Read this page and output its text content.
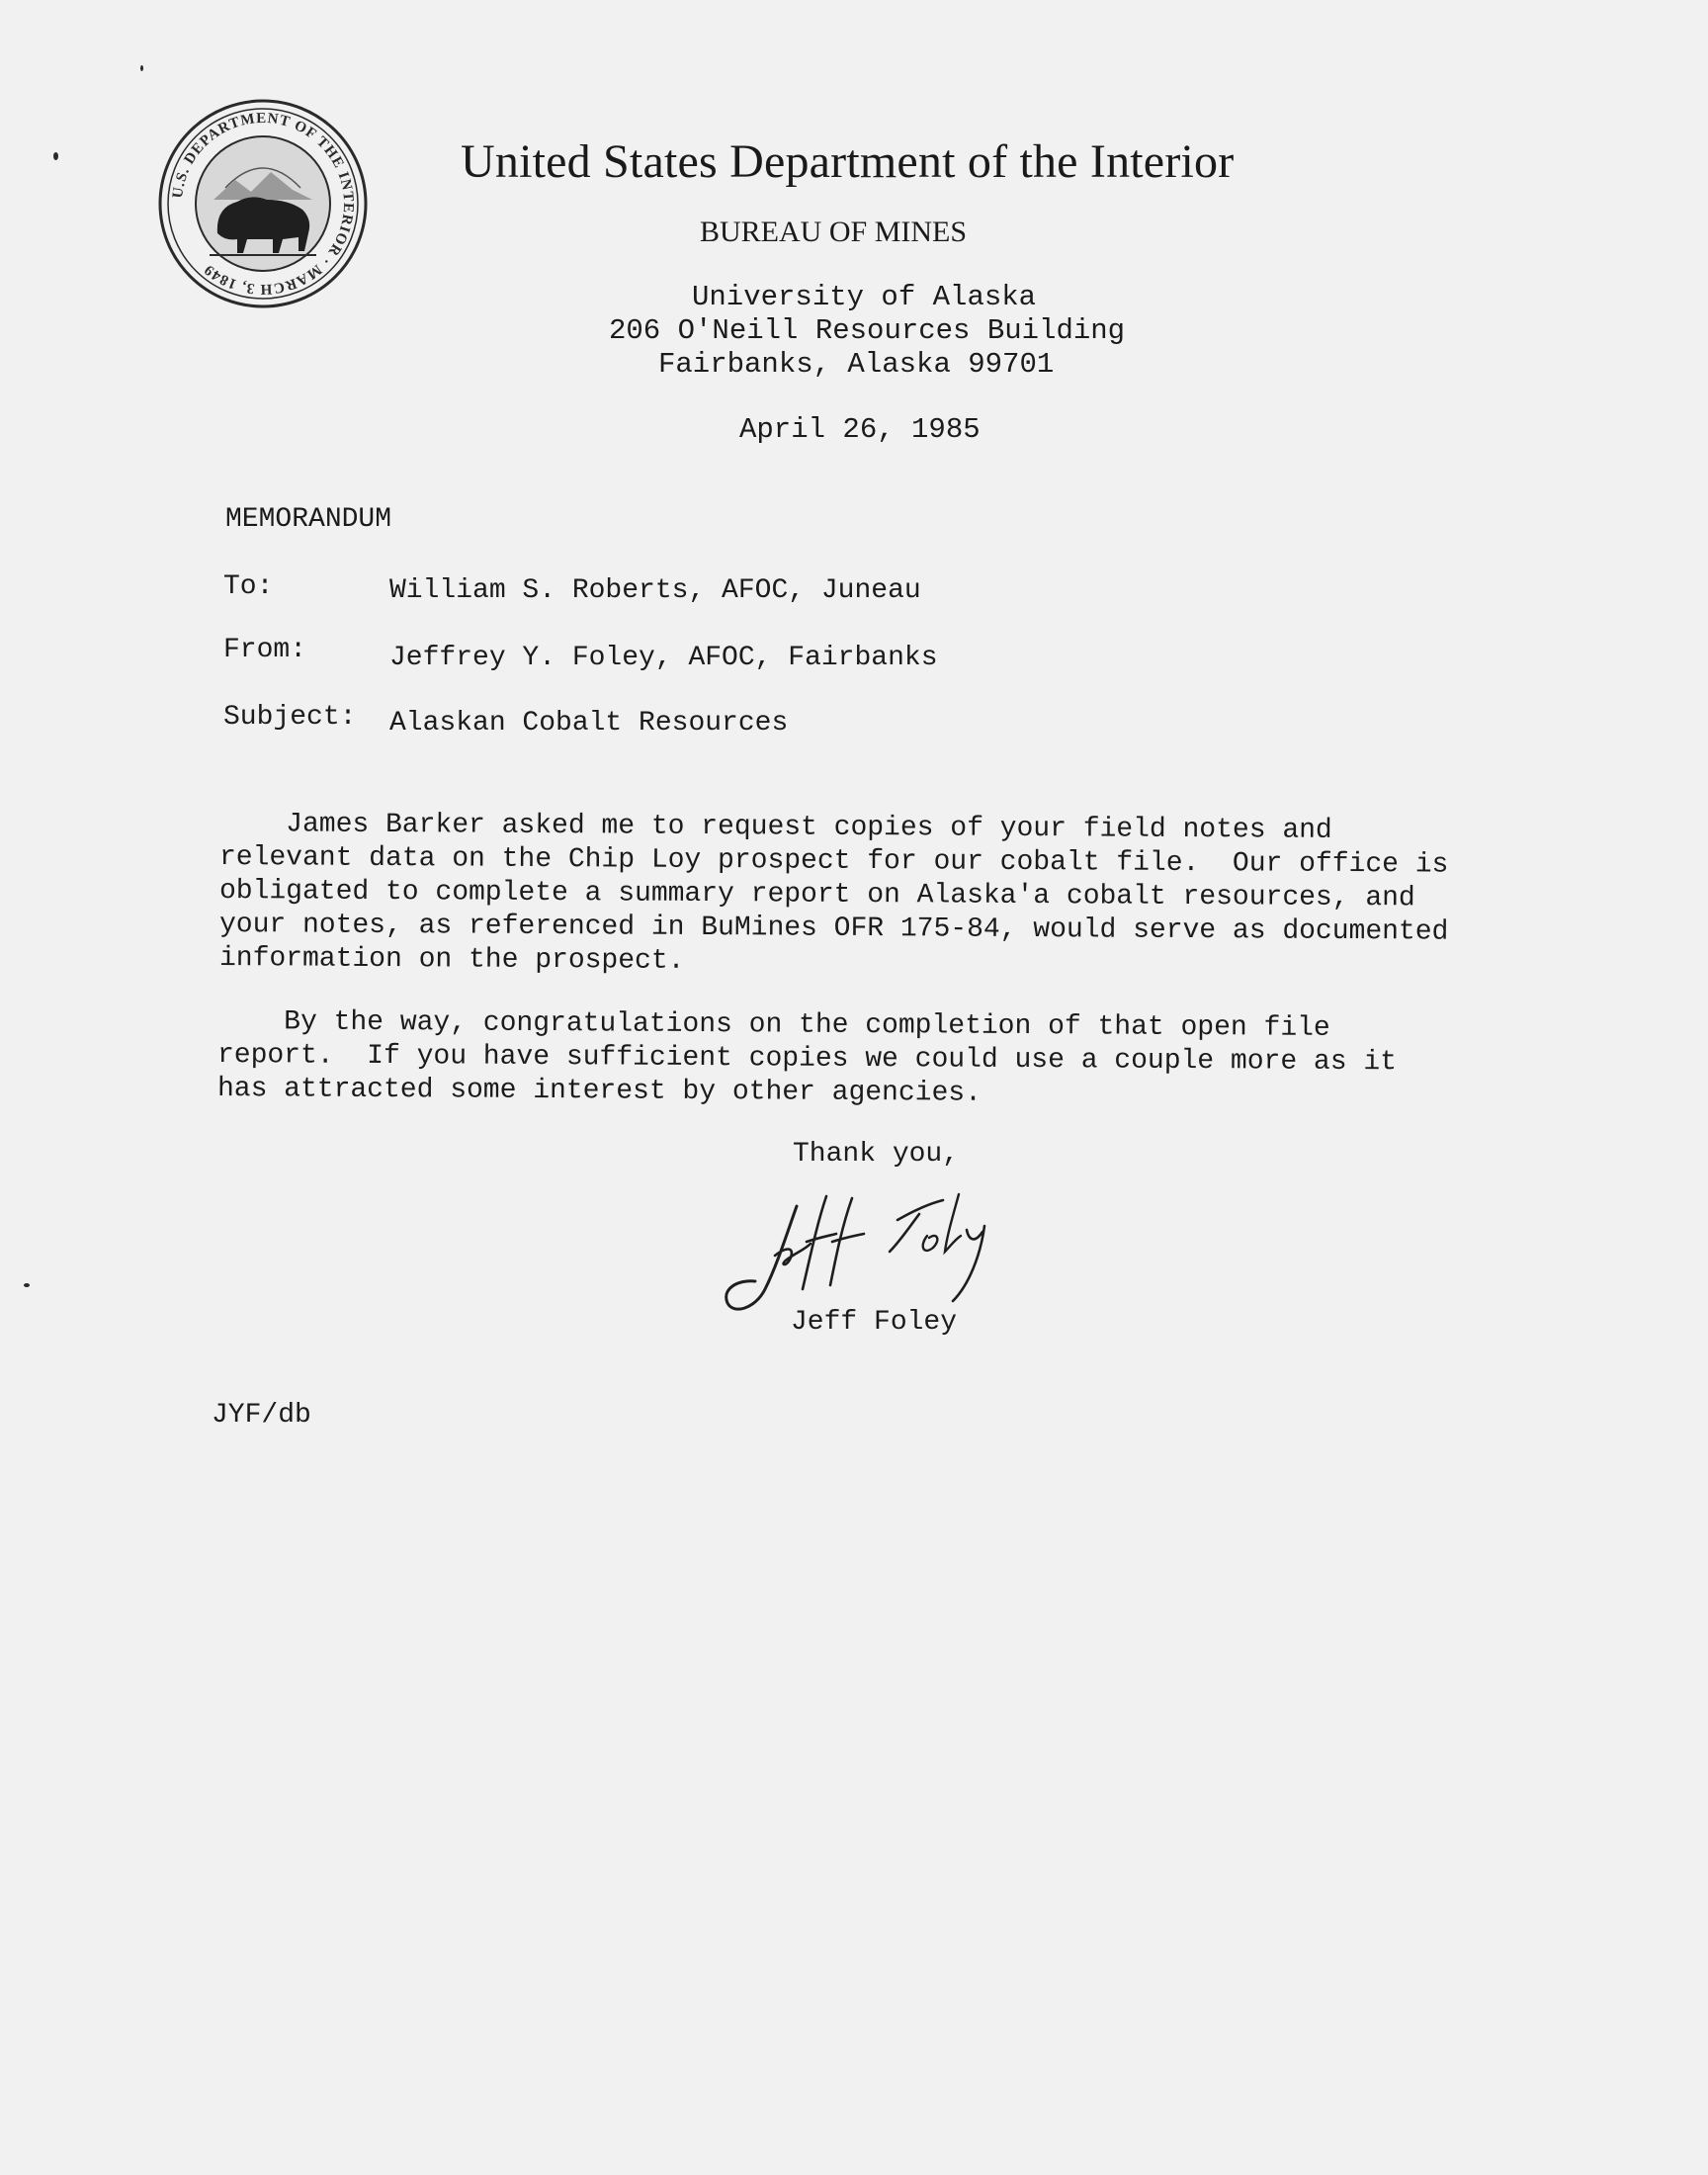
U.S. DEPARTMENT OF THE INTERIOR · MARCH 3, 1849
United States Department of the Interior
BUREAU OF MINES
University of Alaska
206 O'Neill Resources Building
Fairbanks, Alaska 99701
April 26, 1985
MEMORANDUM
To:	William S. Roberts, AFOC, Juneau
From:	Jeffrey Y. Foley, AFOC, Fairbanks
Subject: Alaskan Cobalt Resources
James Barker asked me to request copies of your field notes and
relevant data on the Chip Loy prospect for our cobalt file.  Our office is
obligated to complete a summary report on Alaska'a cobalt resources, and
your notes, as referenced in BuMines OFR 175-84, would serve as documented
information on the prospect.
By the way, congratulations on the completion of that open file
report.  If you have sufficient copies we could use a couple more as it
has attracted some interest by other agencies.
Thank you,
Jeff Foley
JYF/db
